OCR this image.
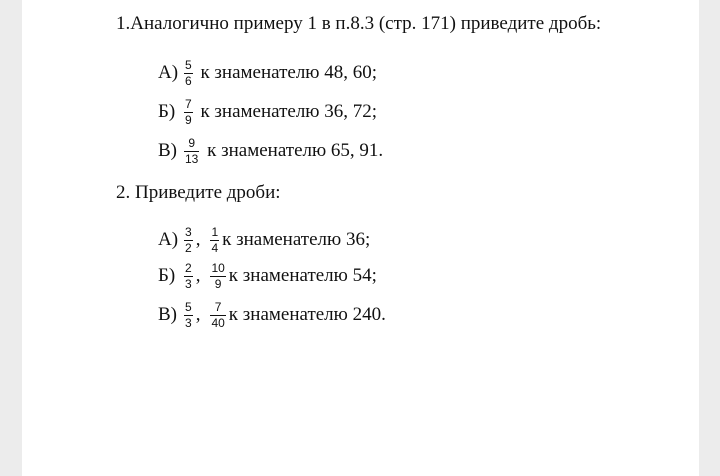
1.Аналогично примеру 1 в п.8.3 (стр. 171) приведите дробь:
$А) \frac{5}{6}$ к знаменателю 48, 60;
$Б) \frac{7}{9}$ к знаменателю 36, 72;
$В) \frac{9}{13}$ к знаменателю 65, 91.
2. Приведите дроби:
$А) \frac{3}{2}$ , $\frac{1}{4}$ к знаменателю 36;
$Б) \frac{2}{3}$ , $\frac{10}{9}$ к знаменателю 54;
$В) \frac{5}{3}$ , $\frac{7}{40}$ к знаменателю 240.
